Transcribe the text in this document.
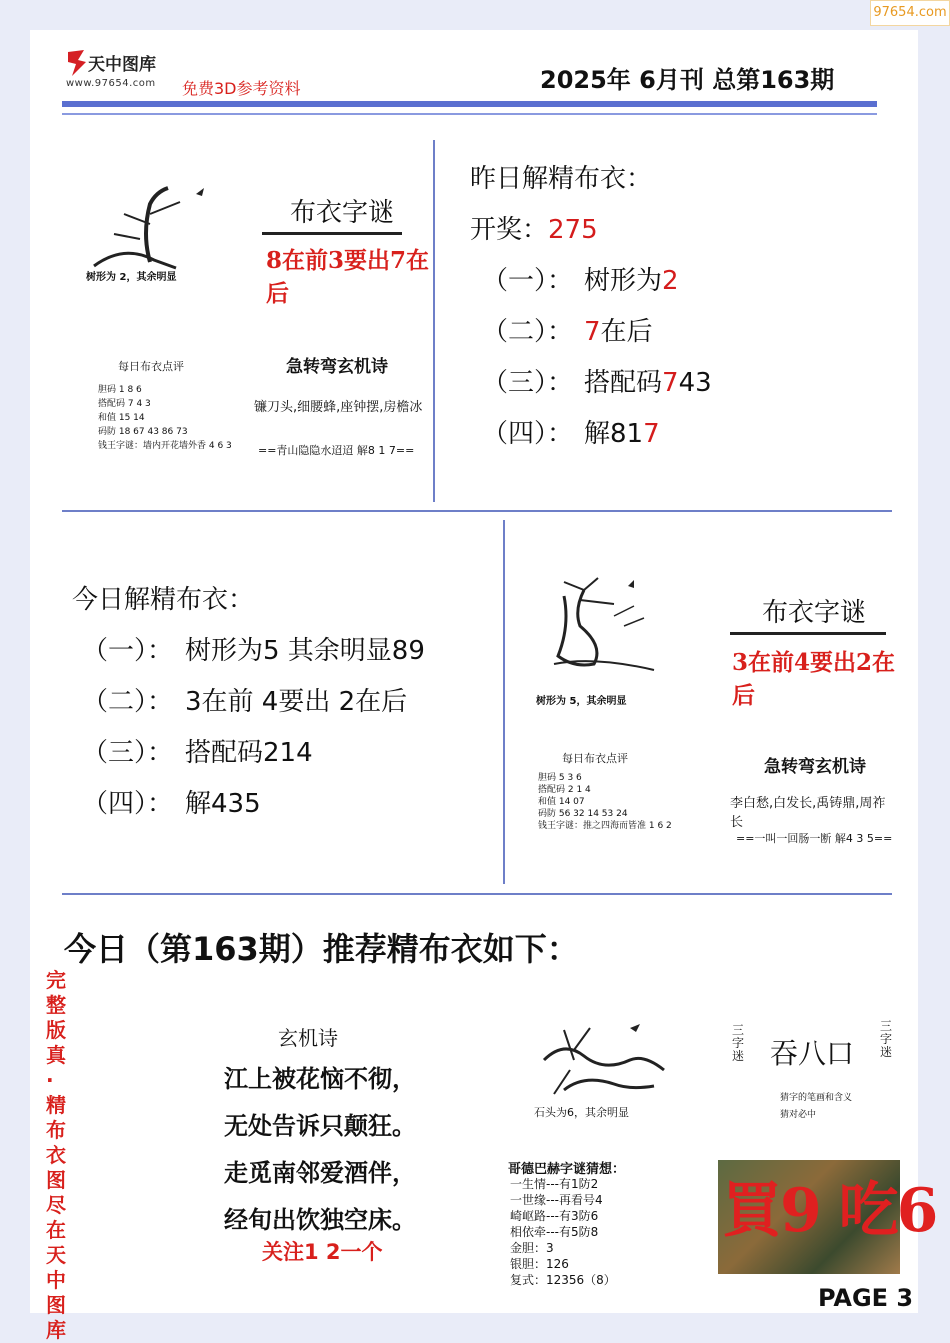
97654.com
天中图库
www.97654.com 免费3D参考资料	2025年 6月刊 总第163期
树形为 2，其余明显
布衣字谜
8在前3要出7在后
每日布衣点评
胆码 1 8 6
搭配码 7 4 3
和值 15 14
码防 18 67 43 86 73
钱王字谜：墙内开花墙外香 4 6 3
急转弯玄机诗
镰刀头,细腰蜂,座钟摆,房檐冰
==青山隐隐水迢迢 解8 1 7==
昨日解精布衣：
开奖：275
（一）： 树形为2
（二）： 7在后
（三）： 搭配码743
（四）： 解817
今日解精布衣：
（一）： 树形为5 其余明显89
（二）： 3在前 4要出 2在后
（三）： 搭配码214
（四）： 解435
树形为 5，其余明显
布衣字谜
3在前4要出2在后
每日布衣点评
胆码 5 3 6
搭配码 2 1 4
和值 14 07
码防 56 32 14 53 24
钱王字谜：推之四海而皆准 1 6 2
急转弯玄机诗
李白愁,白发长,禹铸鼎,周祚长
==一叫一回肠一断 解4 3 5==
今日（第163期）推荐精布衣如下：
完整版真·精布衣图尽在天中图库
玄机诗
江上被花恼不彻，
无处告诉只颠狂。
走觅南邻爱酒伴，
经旬出饮独空床。
关注1 2一个
石头为6，其余明显
三字迷 吞八口
三字迷
猜字的笔画和含义
猜对必中
哥德巴赫字谜猜想：
一生情---有1防2
一世缘---再看号4
崎岖路---有3防6
相依牵---有5防8
金胆：3
银胆：126
复式：12356（8）
買9 吃6
PAGE 3
